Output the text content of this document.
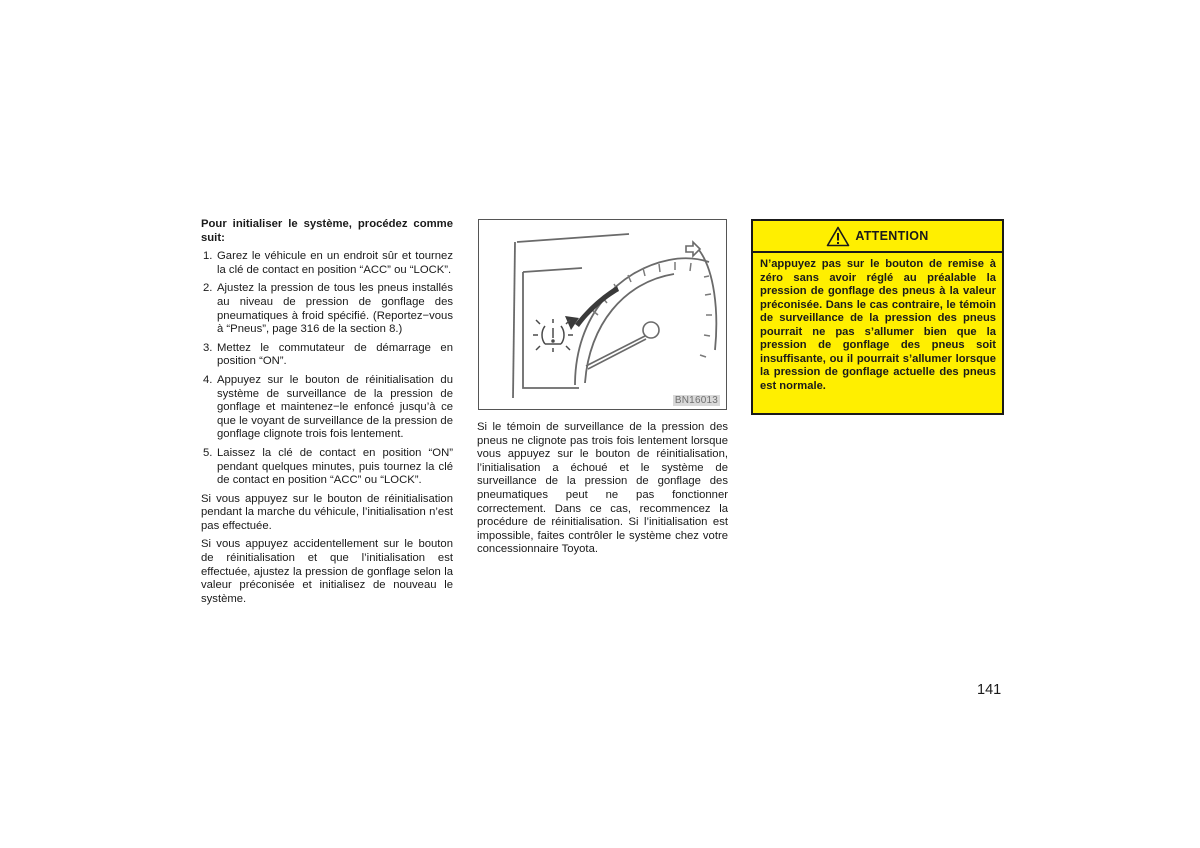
Pour initialiser le système, procédez comme suit:

1. Garez le véhicule en un endroit sûr et tournez la clé de contact en position “ACC” ou “LOCK”.
2. Ajustez la pression de tous les pneus installés au niveau de pression de gonflage des pneumatiques à froid spécifié. (Reportez−vous à “Pneus”, page 316 de la section 8.)
3. Mettez le commutateur de démarrage en position “ON”.
4. Appuyez sur le bouton de réinitialisation du système de surveillance de la pression de gonflage et maintenez−le enfoncé jusqu’à ce que le voyant de surveillance de la pression de gonflage clignote trois fois lentement.
5. Laissez la clé de contact en position “ON” pendant quelques minutes, puis tournez la clé de contact en position “ACC” ou “LOCK”.

Si vous appuyez sur le bouton de réinitialisation pendant la marche du véhicule, l’initialisation n’est pas effectuée.

Si vous appuyez accidentellement sur le bouton de réinitialisation et que l’initialisation est effectuée, ajustez la pression de gonflage selon la valeur préconisée et initialisez de nouveau le système.

BN16013

Si le témoin de surveillance de la pression des pneus ne clignote pas trois fois lentement lorsque vous appuyez sur le bouton de réinitialisation, l’initialisation a échoué et le système de surveillance de la pression de gonflage des pneumatiques peut ne pas fonctionner correctement. Dans ce cas, recommencez la procédure de réinitialisation. Si l’initialisation est impossible, faites contrôler le système chez votre concessionnaire Toyota.

ATTENTION
N’appuyez pas sur le bouton de remise à zéro sans avoir réglé au préalable la pression de gonflage des pneus à la valeur préconisée. Dans le cas contraire, le témoin de surveillance de la pression des pneus pourrait ne pas s’allumer bien que la pression de gonflage des pneus soit insuffisante, ou il pourrait s’allumer lorsque la pression de gonflage actuelle des pneus est normale.
141
